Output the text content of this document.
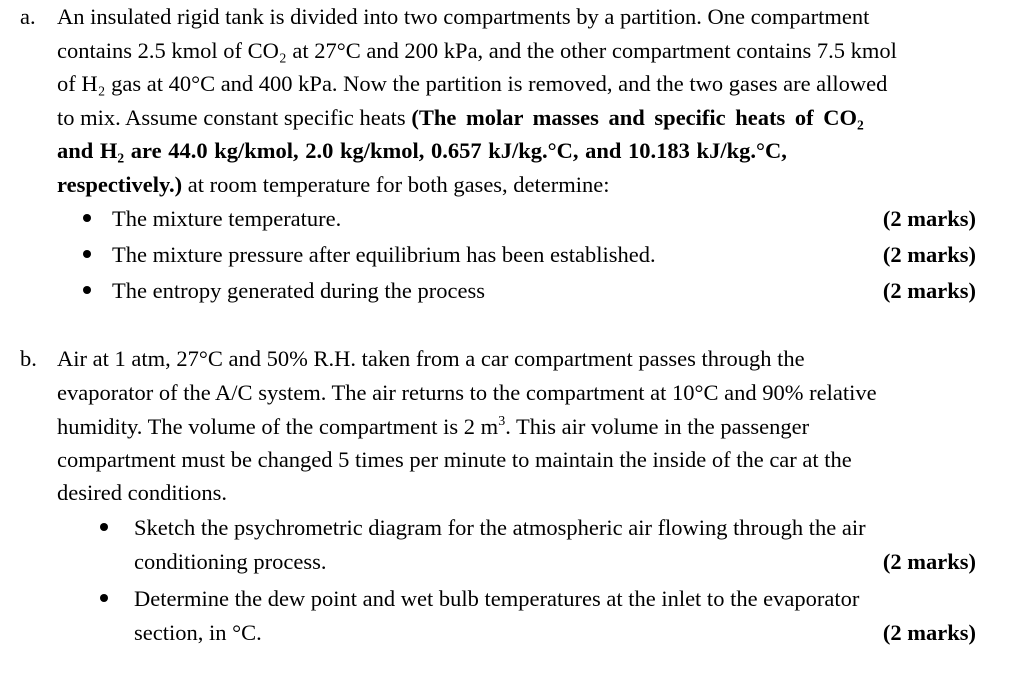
a. An insulated rigid tank is divided into two compartments by a partition. One compartment
contains 2.5 kmol of CO₂ at 27°C and 200 kPa, and the other compartment contains 7.5 kmol
of H₂ gas at 40°C and 400 kPa. Now the partition is removed, and the two gases are allowed
to mix. Assume constant specific heats (The molar masses and specific heats of CO₂
and H₂ are 44.0 kg/kmol, 2.0 kg/kmol, 0.657 kJ/kg.°C, and 10.183 kJ/kg.°C,
respectively.) at room temperature for both gases, determine:
The mixture temperature.	(2 marks)
The mixture pressure after equilibrium has been established.	(2 marks)
The entropy generated during the process	(2 marks)
b. Air at 1 atm, 27°C and 50% R.H. taken from a car compartment passes through the
evaporator of the A/C system. The air returns to the compartment at 10°C and 90% relative
humidity. The volume of the compartment is 2 $m^3$. This air volume in the passenger
compartment must be changed 5 times per minute to maintain the inside of the car at the
desired conditions.
Sketch the psychrometric diagram for the atmospheric air flowing through the air
conditioning process.	(2 marks)
Determine the dew point and wet bulb temperatures at the inlet to the evaporator
section, in °C.	(2 marks)
